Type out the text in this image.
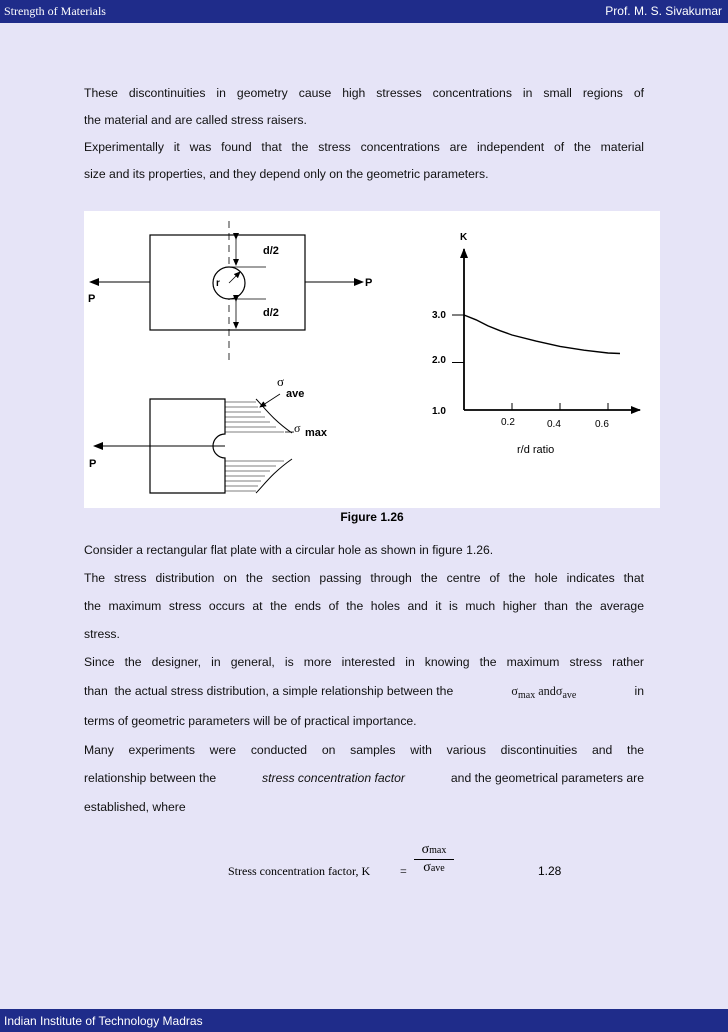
Strength of Materials	Prof. M. S. Sivakumar
These discontinuities in geometry cause high stresses concentrations in small regions of
the material and are called stress raisers.
Experimentally it was found that the stress concentrations are independent of the material
size and its properties, and they depend only on the geometric parameters.
d/2
d/2
r
P
P
σ
ave
σ max
P
K
r/d ratio
3.0
2.0
1.0
0.2	0.4	0.6
Figure 1.26
Consider a rectangular flat plate with a circular hole as shown in figure 1.26.
The stress distribution on the section passing through the centre of the hole indicates that
the maximum stress occurs at the ends of the holes and it is much higher than the average
stress.
Since the designer, in general, is more interested in knowing the maximum stress rather
than  the actual stress distribution, a simple relationship between the	$\sigma_{max}$ andσ$_{ave}$	in
terms of geometric parameters will be of practical importance.
Many experiments were conducted on samples with various discontinuities and the
relationship between the	stress concentration factor	and the geometrical parameters are
established, where
Stress concentration factor, K =
σmax
σave	1.28
Indian Institute of Technology Madras
